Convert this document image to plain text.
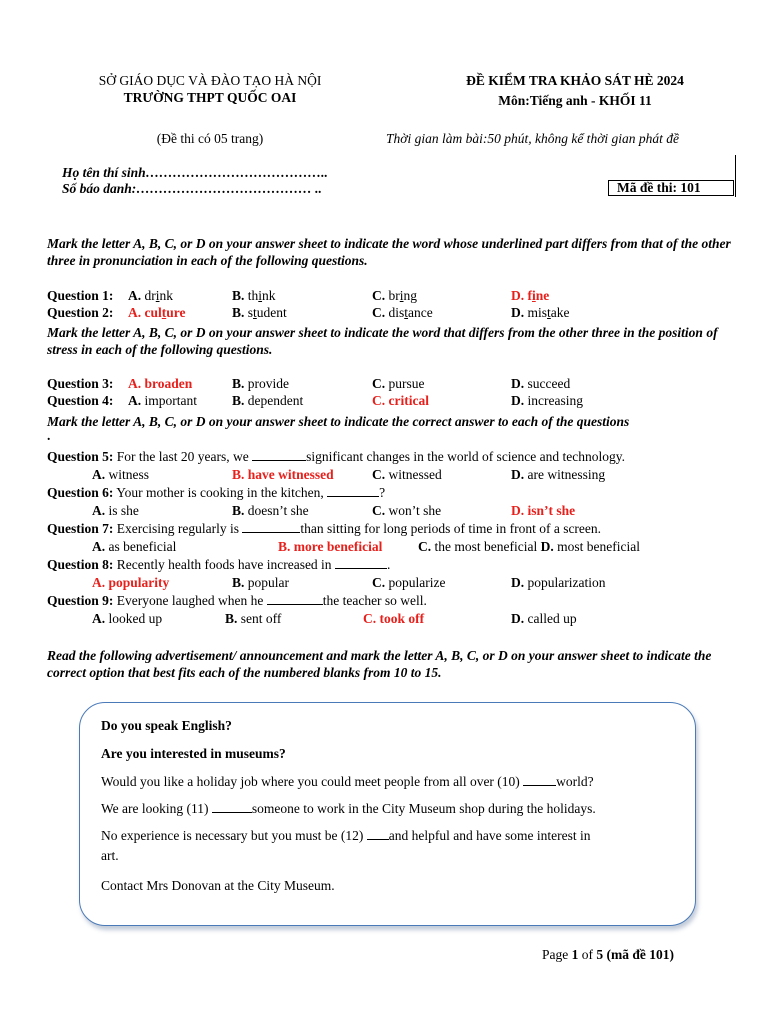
SỞ GIÁO DỤC VÀ ĐÀO TẠO HÀ NỘI
TRƯỜNG THPT QUỐC OAI
(Đề thi có 05 trang)
ĐỀ KIỂM TRA KHẢO SÁT HÈ 2024
Môn:Tiếng anh - KHỐI 11
Thời gian làm bài:50 phút, không kể thời gian phát đề
Họ tên thí sinh…………………………………..
Số báo danh:………………………………… ..	Mã đề thi: 101
Mark the letter A, B, C, or D on your answer sheet to indicate the word whose underlined part differs from that of the other three in pronunciation in each of the following questions.
Question 1: A. drink	B. think	C. bring	D. fine
Question 2: A. culture	B. student	C. distance	D. mistake
Mark the letter A, B, C, or D on your answer sheet to indicate the word that differs from the other three in the position of stress in each of the following questions.
Question 3: A. broaden	B. provide	C. pursue	D. succeed
Question 4: A. important	B. dependent	C. critical	D. increasing
Mark the letter A, B, C, or D on your answer sheet to indicate the correct answer to each of the questions
.
Question 5: For the last 20 years, we	significant changes in the world of science and technology.
A. witness	B. have witnessed	C. witnessed	D. are witnessing
Question 6: Your mother is cooking in the kitchen,	?
A. is she	B. doesn’t she	C. won’t she	D. isn’t she
Question 7: Exercising regularly is	than sitting for long periods of time in front of a screen.
A. as beneficial	B. more beneficial	C. the most beneficial D. most beneficial
Question 8: Recently health foods have increased in	.
A. popularity	B. popular	C. popularize	D. popularization
Question 9: Everyone laughed when he	the teacher so well.
A. looked up	B. sent off	C. took off	D. called up
Read the following advertisement/ announcement and mark the letter A, B, C, or D on your answer sheet to indicate the correct option that best fits each of the numbered blanks from 10 to 15.

Do you speak English?

Are you interested in museums?

Would you like a holiday job where you could meet people from all over (10) world?

We are looking (11)	someone to work in the City Museum shop during the holidays.

No experience is necessary but you must be (12) and helpful and have some interest in

art.

Contact Mrs Donovan at the City Museum.

Page 1 of 5 (mã đề 101)
